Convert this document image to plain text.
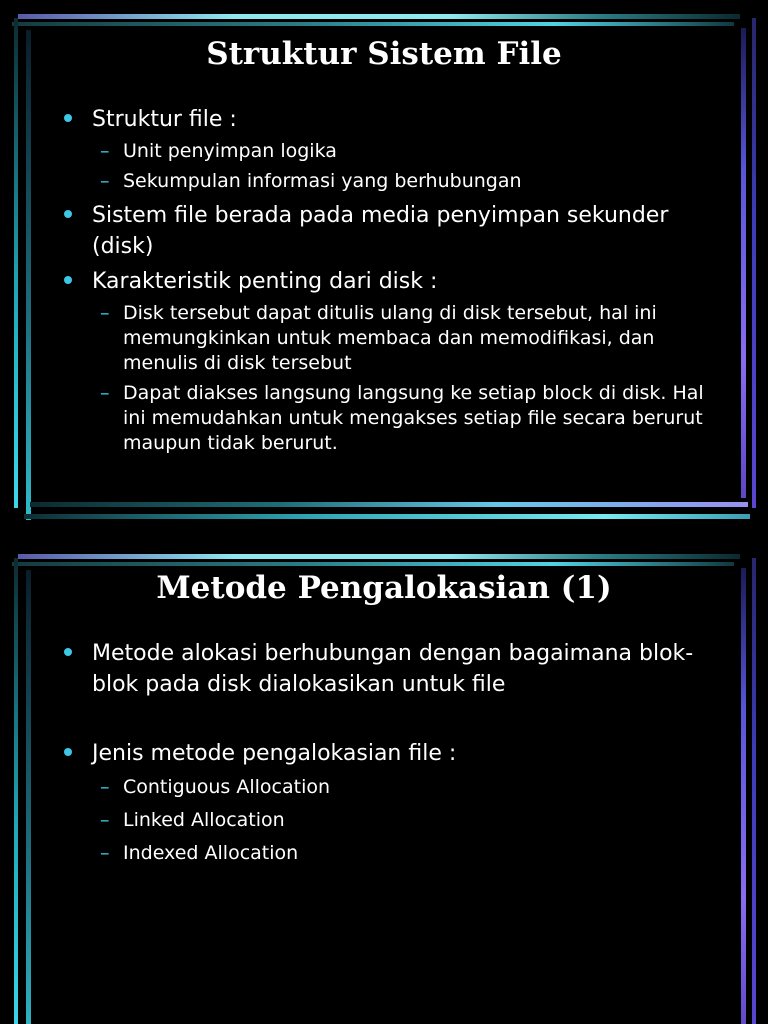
Struktur Sistem File
Struktur file :
– Unit penyimpan logika
– Sekumpulan informasi yang berhubungan
Sistem file berada pada media penyimpan sekunder (disk)
Karakteristik penting dari disk :
– Disk tersebut dapat ditulis ulang di disk tersebut, hal ini memungkinkan untuk membaca dan memodifikasi, dan menulis di disk tersebut
– Dapat diakses langsung langsung ke setiap block di disk. Hal ini memudahkan untuk mengakses setiap file secara berurut maupun tidak berurut.
Metode Pengalokasian (1)
Metode alokasi berhubungan dengan bagaimana blok-blok pada disk dialokasikan untuk file
Jenis metode pengalokasian file :
– Contiguous Allocation
– Linked Allocation
– Indexed Allocation
